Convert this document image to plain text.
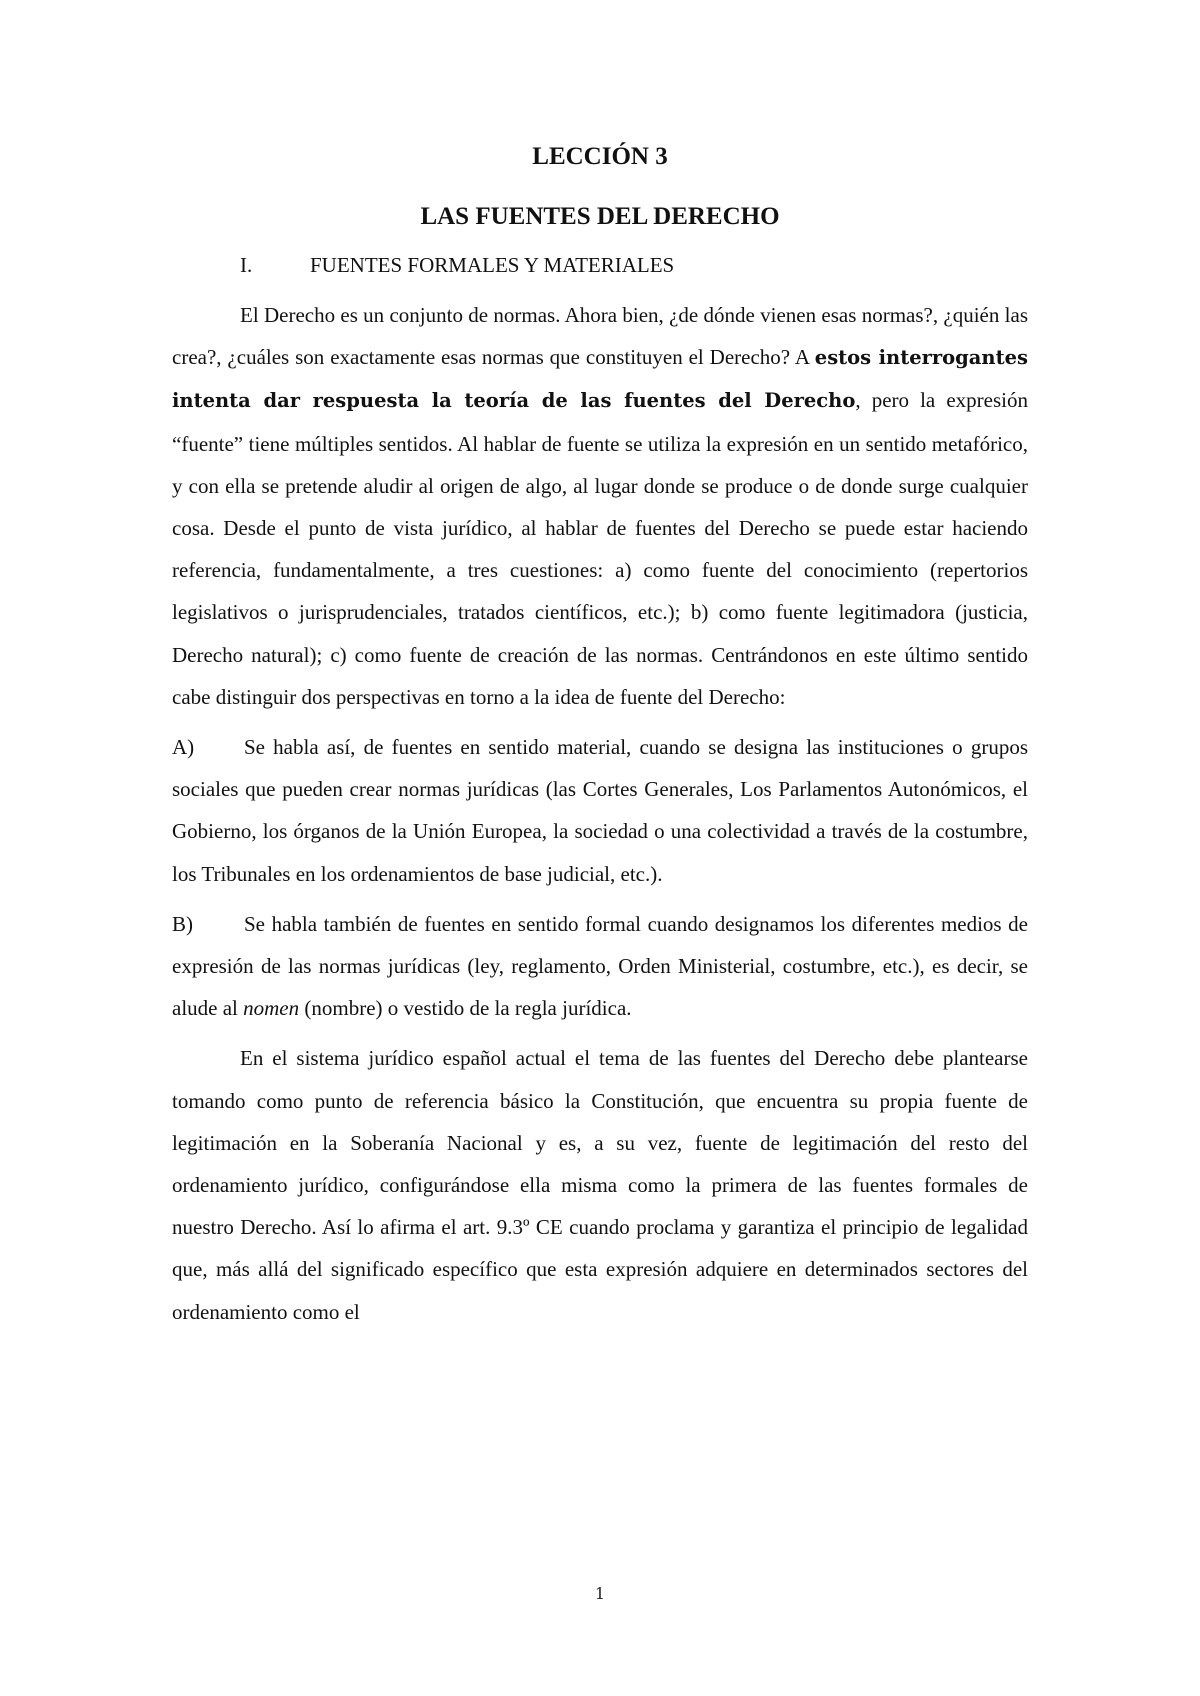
LECCIÓN 3
LAS FUENTES DEL DERECHO
I.	FUENTES FORMALES Y MATERIALES

El Derecho es un conjunto de normas. Ahora bien, ¿de dónde vienen esas normas?, ¿quién las crea?, ¿cuáles son exactamente esas normas que constituyen el Derecho? A estos interrogantes intenta dar respuesta la teoría de las fuentes del Derecho, pero la expresión “fuente” tiene múltiples sentidos. Al hablar de fuente se utiliza la expresión en un sentido metafórico, y con ella se pretende aludir al origen de algo, al lugar donde se produce o de donde surge cualquier cosa. Desde el punto de vista jurídico, al hablar de fuentes del Derecho se puede estar haciendo referencia, fundamentalmente, a tres cuestiones: a) como fuente del conocimiento (repertorios legislativos o jurisprudenciales, tratados científicos, etc.); b) como fuente legitimadora (justicia, Derecho natural); c) como fuente de creación de las normas. Centrándonos en este último sentido cabe distinguir dos perspectivas en torno a la idea de fuente del Derecho:

A) Se habla así, de fuentes en sentido material, cuando se designa las instituciones o grupos sociales que pueden crear normas jurídicas (las Cortes Generales, Los Parlamentos Autonómicos, el Gobierno, los órganos de la Unión Europea, la sociedad o una colectividad a través de la costumbre, los Tribunales en los ordenamientos de base judicial, etc.).

B) Se habla también de fuentes en sentido formal cuando designamos los diferentes medios de expresión de las normas jurídicas (ley, reglamento, Orden Ministerial, costumbre, etc.), es decir, se alude al nomen (nombre) o vestido de la regla jurídica.

En el sistema jurídico español actual el tema de las fuentes del Derecho debe plantearse tomando como punto de referencia básico la Constitución, que encuentra su propia fuente de legitimación en la Soberanía Nacional y es, a su vez, fuente de legitimación del resto del ordenamiento jurídico, configurándose ella misma como la primera de las fuentes formales de nuestro Derecho. Así lo afirma el art. 9.3º CE cuando proclama y garantiza el principio de legalidad que, más allá del significado específico que esta expresión adquiere en determinados sectores del ordenamiento como el

1
